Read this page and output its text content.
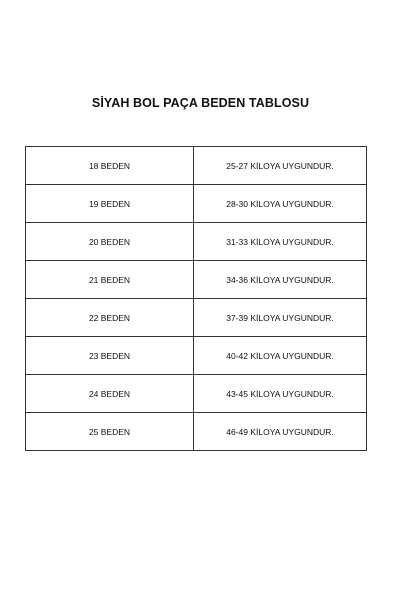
SİYAH BOL PAÇA BEDEN TABLOSU
18 BEDEN	25-27 KİLOYA UYGUNDUR.
19 BEDEN	28-30 KİLOYA UYGUNDUR.
20 BEDEN	31-33 KİLOYA UYGUNDUR.
21 BEDEN	34-36 KİLOYA UYGUNDUR.
22 BEDEN	37-39 KİLOYA UYGUNDUR.
23 BEDEN	40-42 KİLOYA UYGUNDUR.
24 BEDEN	43-45 KİLOYA UYGUNDUR.
25 BEDEN	46-49 KİLOYA UYGUNDUR.
